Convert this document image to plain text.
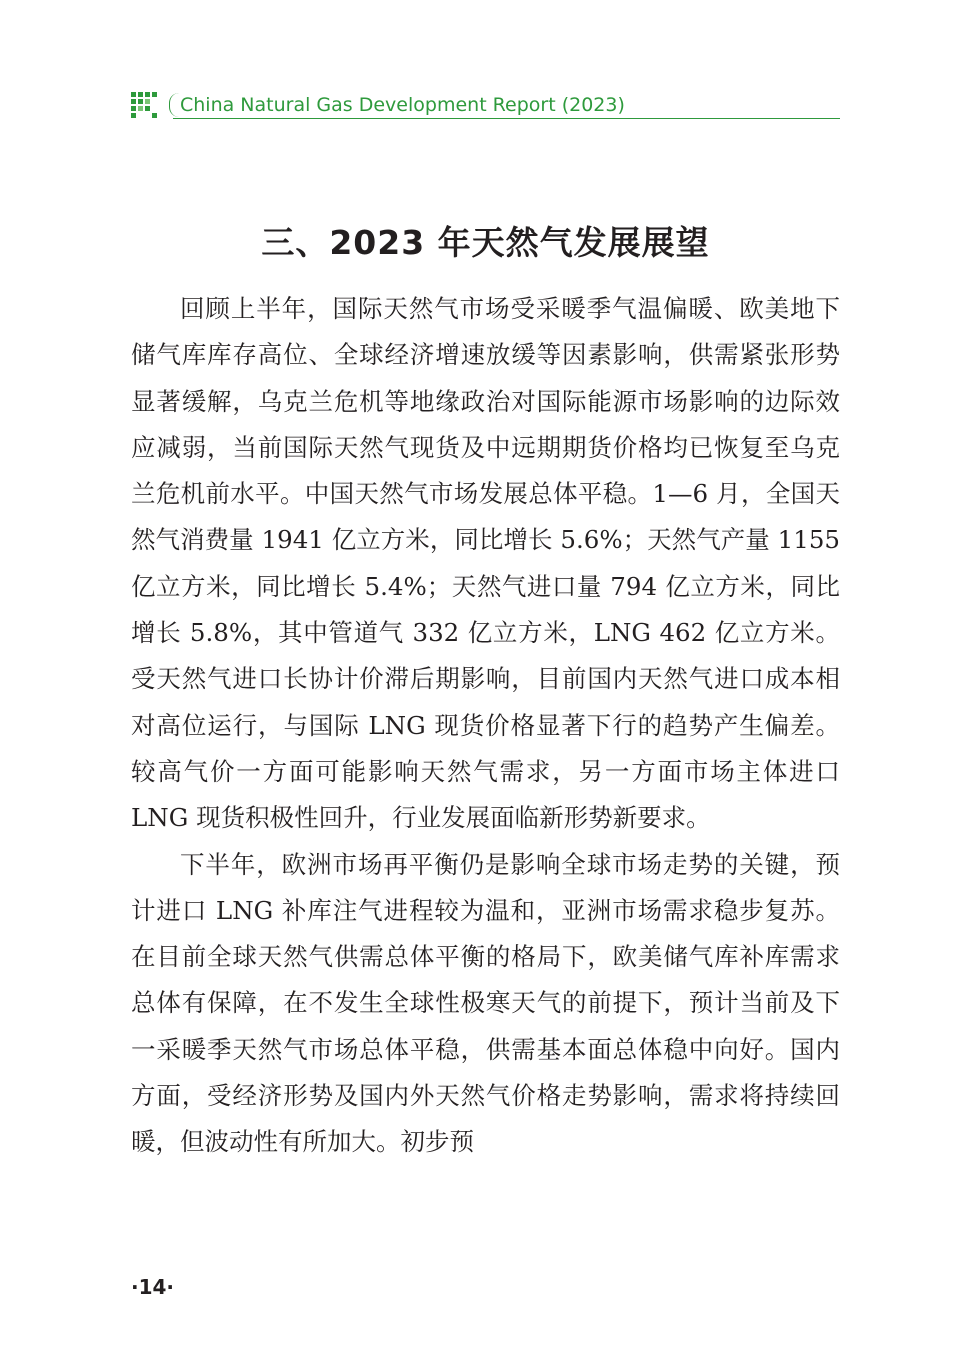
China Natural Gas Development Report (2023)
三、2023 年天然气发展展望

回顾上半年，国际天然气市场受采暖季气温偏暖、欧美地下储气库库存高位、全球经济增速放缓等因素影响，供需紧张形势显著缓解，乌克兰危机等地缘政治对国际能源市场影响的边际效应减弱，当前国际天然气现货及中远期期货价格均已恢复至乌克兰危机前水平。中国天然气市场发展总体平稳。1—6 月，全国天然气消费量 1941 亿立方米，同比增长 5.6%；天然气产量 1155 亿立方米，同比增长 5.4%；天然气进口量 794 亿立方米，同比增长 5.8%，其中管道气 332 亿立方米，LNG 462 亿立方米。受天然气进口长协计价滞后期影响，目前国内天然气进口成本相对高位运行，与国际 LNG 现货价格显著下行的趋势产生偏差。较高气价一方面可能影响天然气需求，另一方面市场主体进口 LNG 现货积极性回升，行业发展面临新形势新要求。

下半年，欧洲市场再平衡仍是影响全球市场走势的关键，预计进口 LNG 补库注气进程较为温和，亚洲市场需求稳步复苏。在目前全球天然气供需总体平衡的格局下，欧美储气库补库需求总体有保障，在不发生全球性极寒天气的前提下，预计当前及下一采暖季天然气市场总体平稳，供需基本面总体稳中向好。国内方面，受经济形势及国内外天然气价格走势影响，需求将持续回暖，但波动性有所加大。初步预

·14·
